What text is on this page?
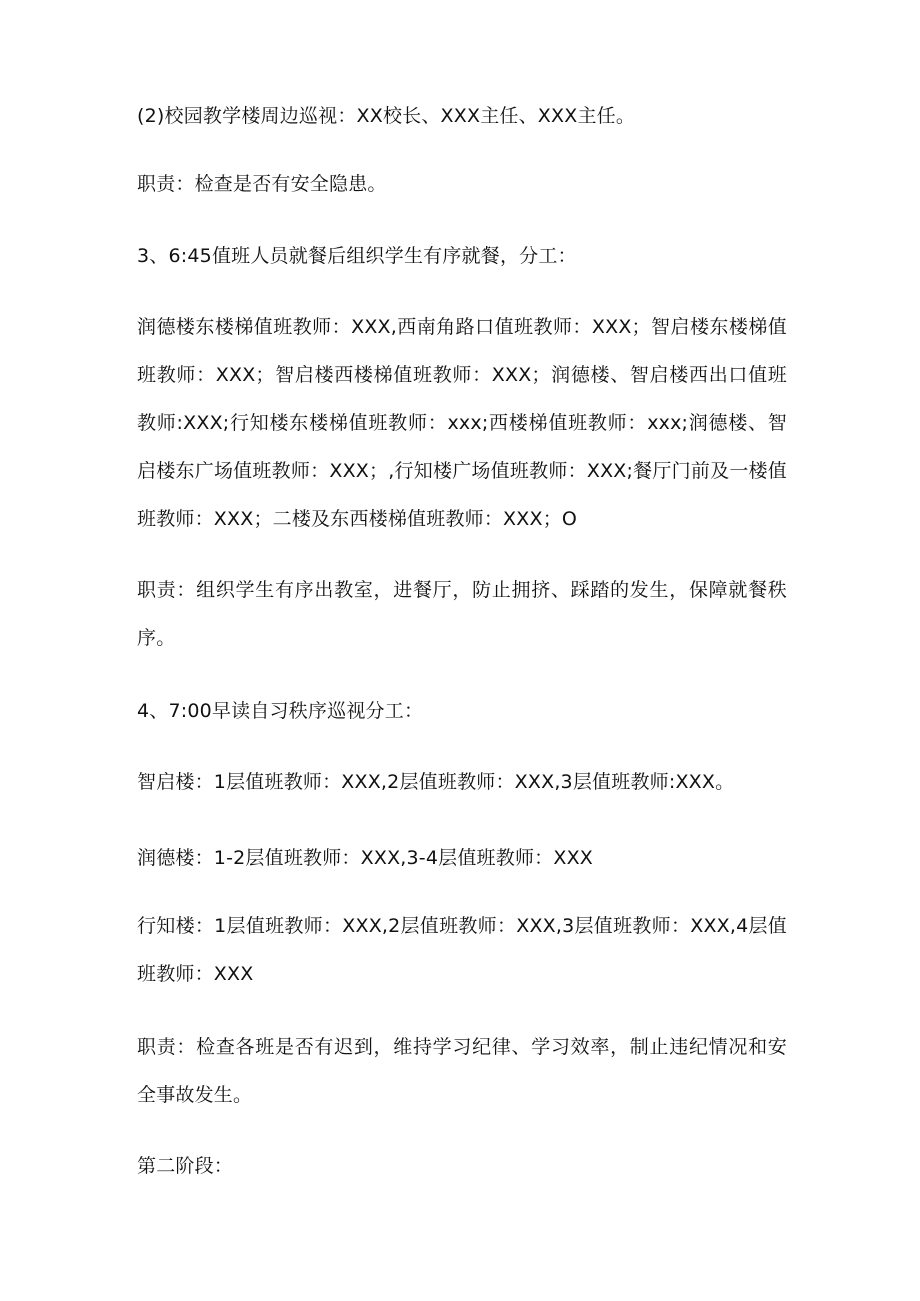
(2)校园教学楼周边巡视：XX校长、XXX主任、XXX主任。

职责：检查是否有安全隐患。

3、6:45值班人员就餐后组织学生有序就餐，分工：

润德楼东楼梯值班教师：XXX,西南角路口值班教师：XXX；智启楼东楼梯值班教师：XXX；智启楼西楼梯值班教师：XXX；润德楼、智启楼西出口值班教师:XXX;行知楼东楼梯值班教师：xxx;西楼梯值班教师：xxx;润德楼、智启楼东广场值班教师：XXX；,行知楼广场值班教师：XXX;餐厅门前及一楼值班教师：XXX；二楼及东西楼梯值班教师：XXX；O

职责：组织学生有序出教室，进餐厅，防止拥挤、踩踏的发生，保障就餐秩序。

4、7:00早读自习秩序巡视分工：

智启楼：1层值班教师：XXX,2层值班教师：XXX,3层值班教师:XXX。

润德楼：1-2层值班教师：XXX,3-4层值班教师：XXX

行知楼：1层值班教师：XXX,2层值班教师：XXX,3层值班教师：XXX,4层值班教师：XXX

职责：检查各班是否有迟到，维持学习纪律、学习效率，制止违纪情况和安全事故发生。

第二阶段：
